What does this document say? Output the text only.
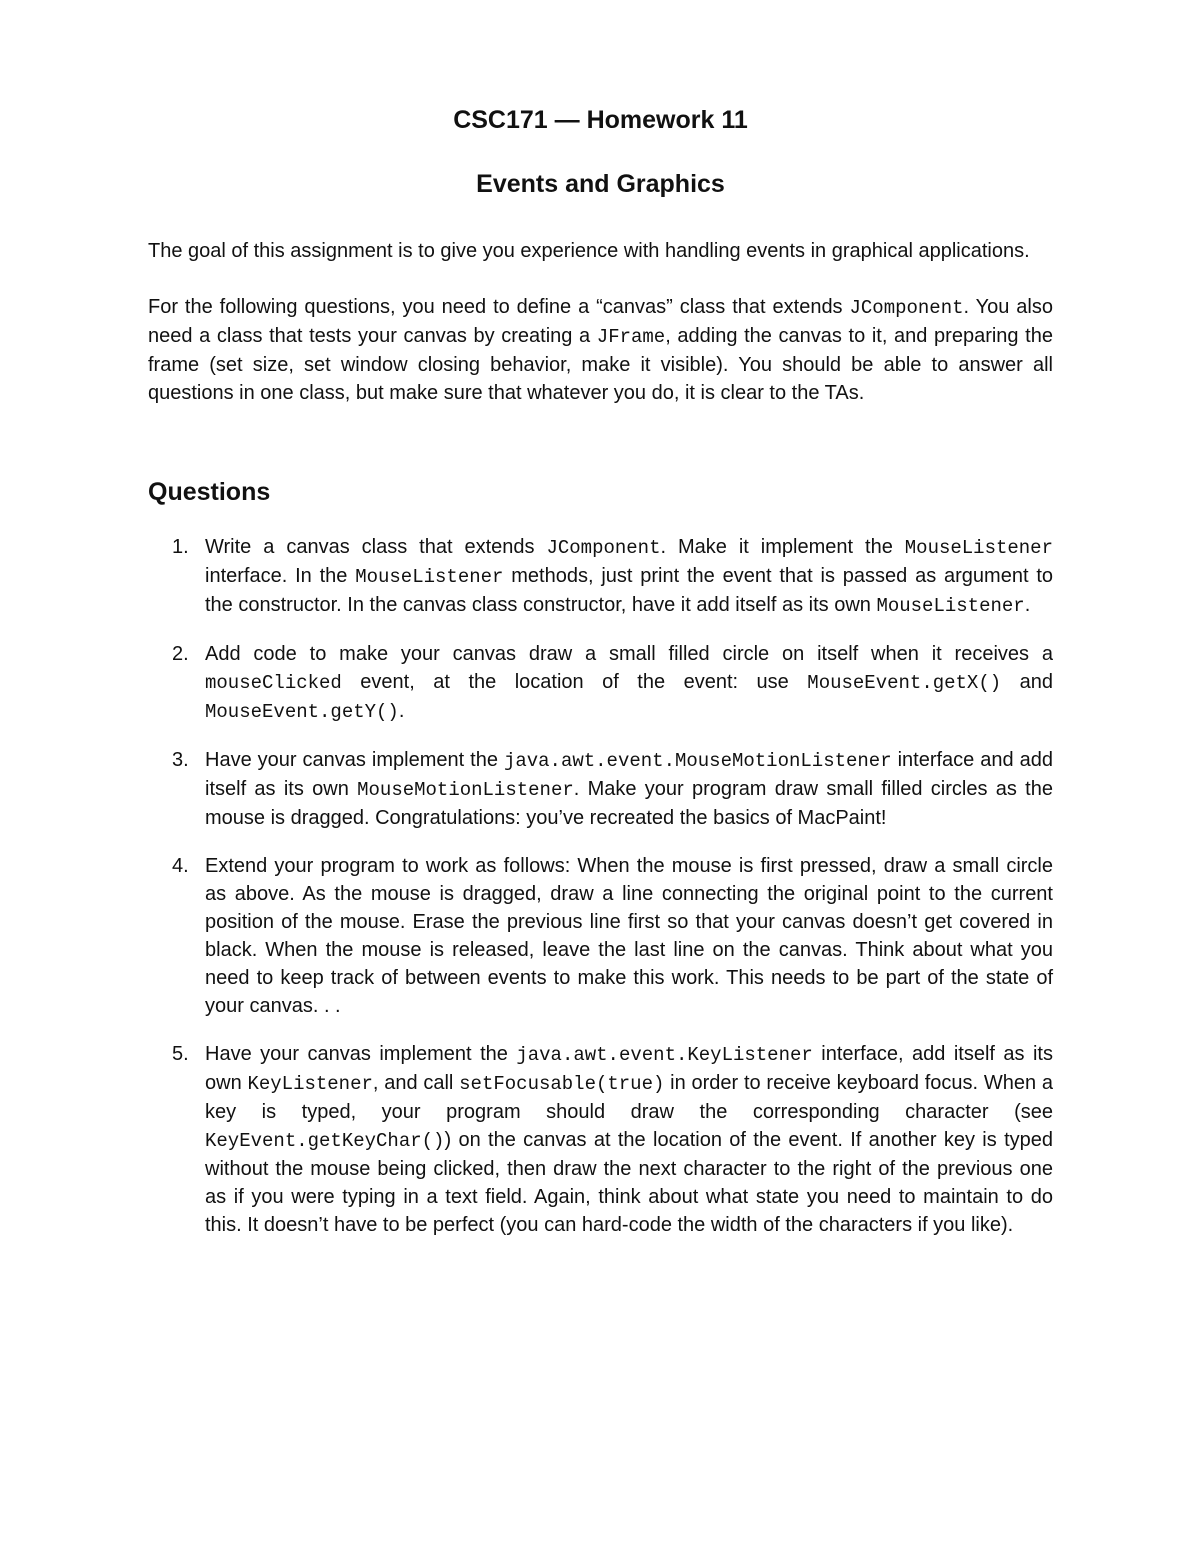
CSC171 — Homework 11
Events and Graphics

The goal of this assignment is to give you experience with handling events in graphical applications.

For the following questions, you need to define a “canvas” class that extends JComponent. You also need a class that tests your canvas by creating a JFrame, adding the canvas to it, and preparing the frame (set size, set window closing behavior, make it visible). You should be able to answer all questions in one class, but make sure that whatever you do, it is clear to the TAs.

Questions
1. Write a canvas class that extends JComponent. Make it implement the MouseListener interface. In the MouseListener methods, just print the event that is passed as argument to the constructor. In the canvas class constructor, have it add itself as its own MouseListener.

2. Add code to make your canvas draw a small filled circle on itself when it receives a mouseClicked event, at the location of the event: use MouseEvent.getX() and MouseEvent.getY().

3. Have your canvas implement the java.awt.event.MouseMotionListener interface and add itself as its own MouseMotionListener. Make your program draw small filled circles as the mouse is dragged. Congratulations: you’ve recreated the basics of MacPaint!

4. Extend your program to work as follows: When the mouse is first pressed, draw a small circle as above. As the mouse is dragged, draw a line connecting the original point to the current position of the mouse. Erase the previous line first so that your canvas doesn’t get covered in black. When the mouse is released, leave the last line on the canvas. Think about what you need to keep track of between events to make this work. This needs to be part of the state of your canvas. . .

5. Have your canvas implement the java.awt.event.KeyListener interface, add itself as its own KeyListener, and call setFocusable(true) in order to receive keyboard focus. When a key is typed, your program should draw the corresponding character (see KeyEvent.getKeyChar()) on the canvas at the location of the event. If another key is typed without the mouse being clicked, then draw the next character to the right of the previous one as if you were typing in a text field. Again, think about what state you need to maintain to do this. It doesn’t have to be perfect (you can hard-code the width of the characters if you like).
